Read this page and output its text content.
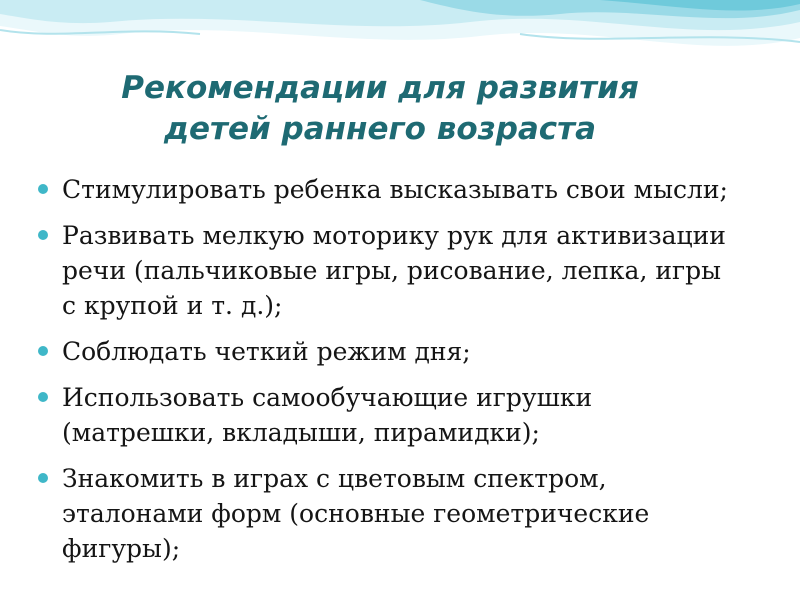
Рекомендации для развития
детей раннего возраста
Стимулировать ребенка высказывать свои мысли;
Развивать мелкую моторику рук для активизации
речи (пальчиковые игры, рисование, лепка, игры
с крупой и т. д.);
Соблюдать четкий режим дня;
Использовать самообучающие игрушки
(матрешки, вкладыши, пирамидки);
Знакомить в играх с цветовым спектром,
эталонами форм (основные геометрические
фигуры);
